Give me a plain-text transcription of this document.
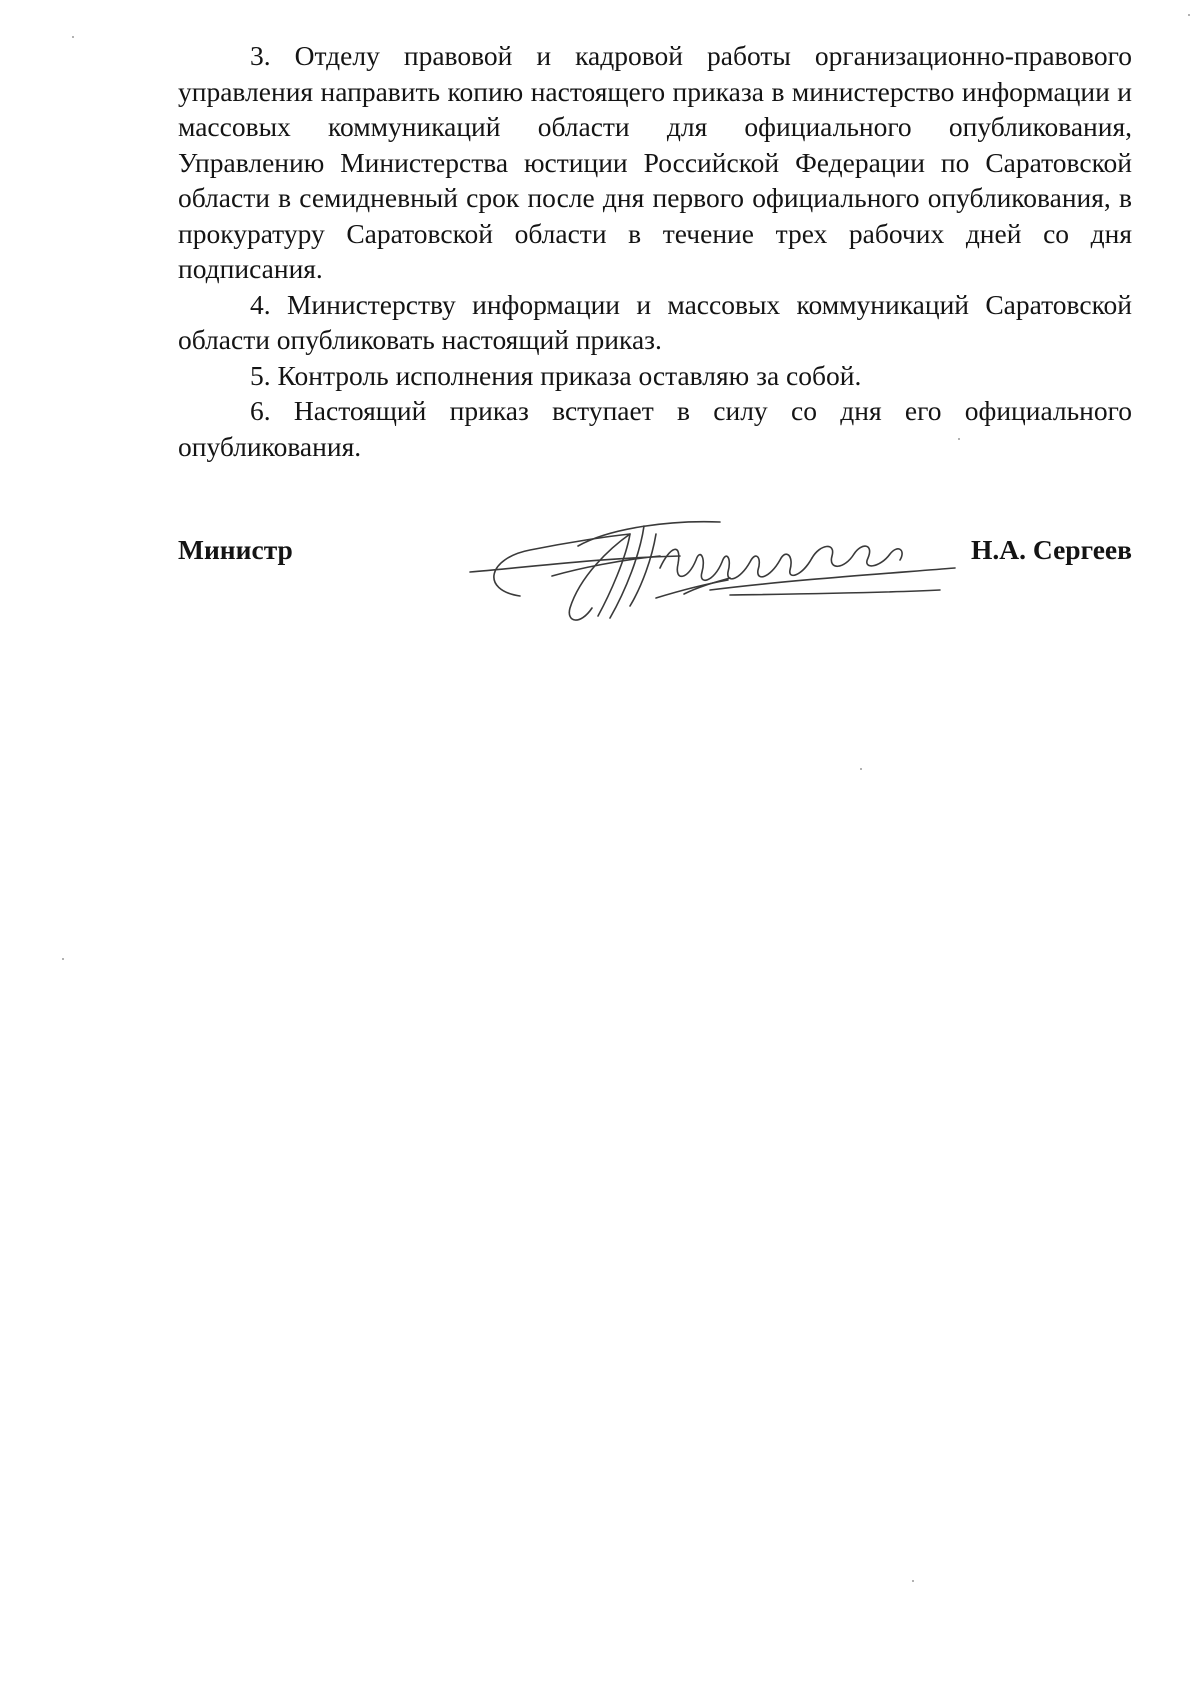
3. Отделу правовой и кадровой работы организационно-правового управления направить копию настоящего приказа в министерство информации и массовых коммуникаций области для официального опубликования, Управлению Министерства юстиции Российской Федерации по Саратовской области в семидневный срок после дня первого официального опубликования, в прокуратуру Саратовской области в течение трех рабочих дней со дня подписания.

4. Министерству информации и массовых коммуникаций Саратовской области опубликовать настоящий приказ.

5. Контроль исполнения приказа оставляю за собой.

6. Настоящий приказ вступает в силу со дня его официального опубликования.

Министр	Н.А. Сергеев
